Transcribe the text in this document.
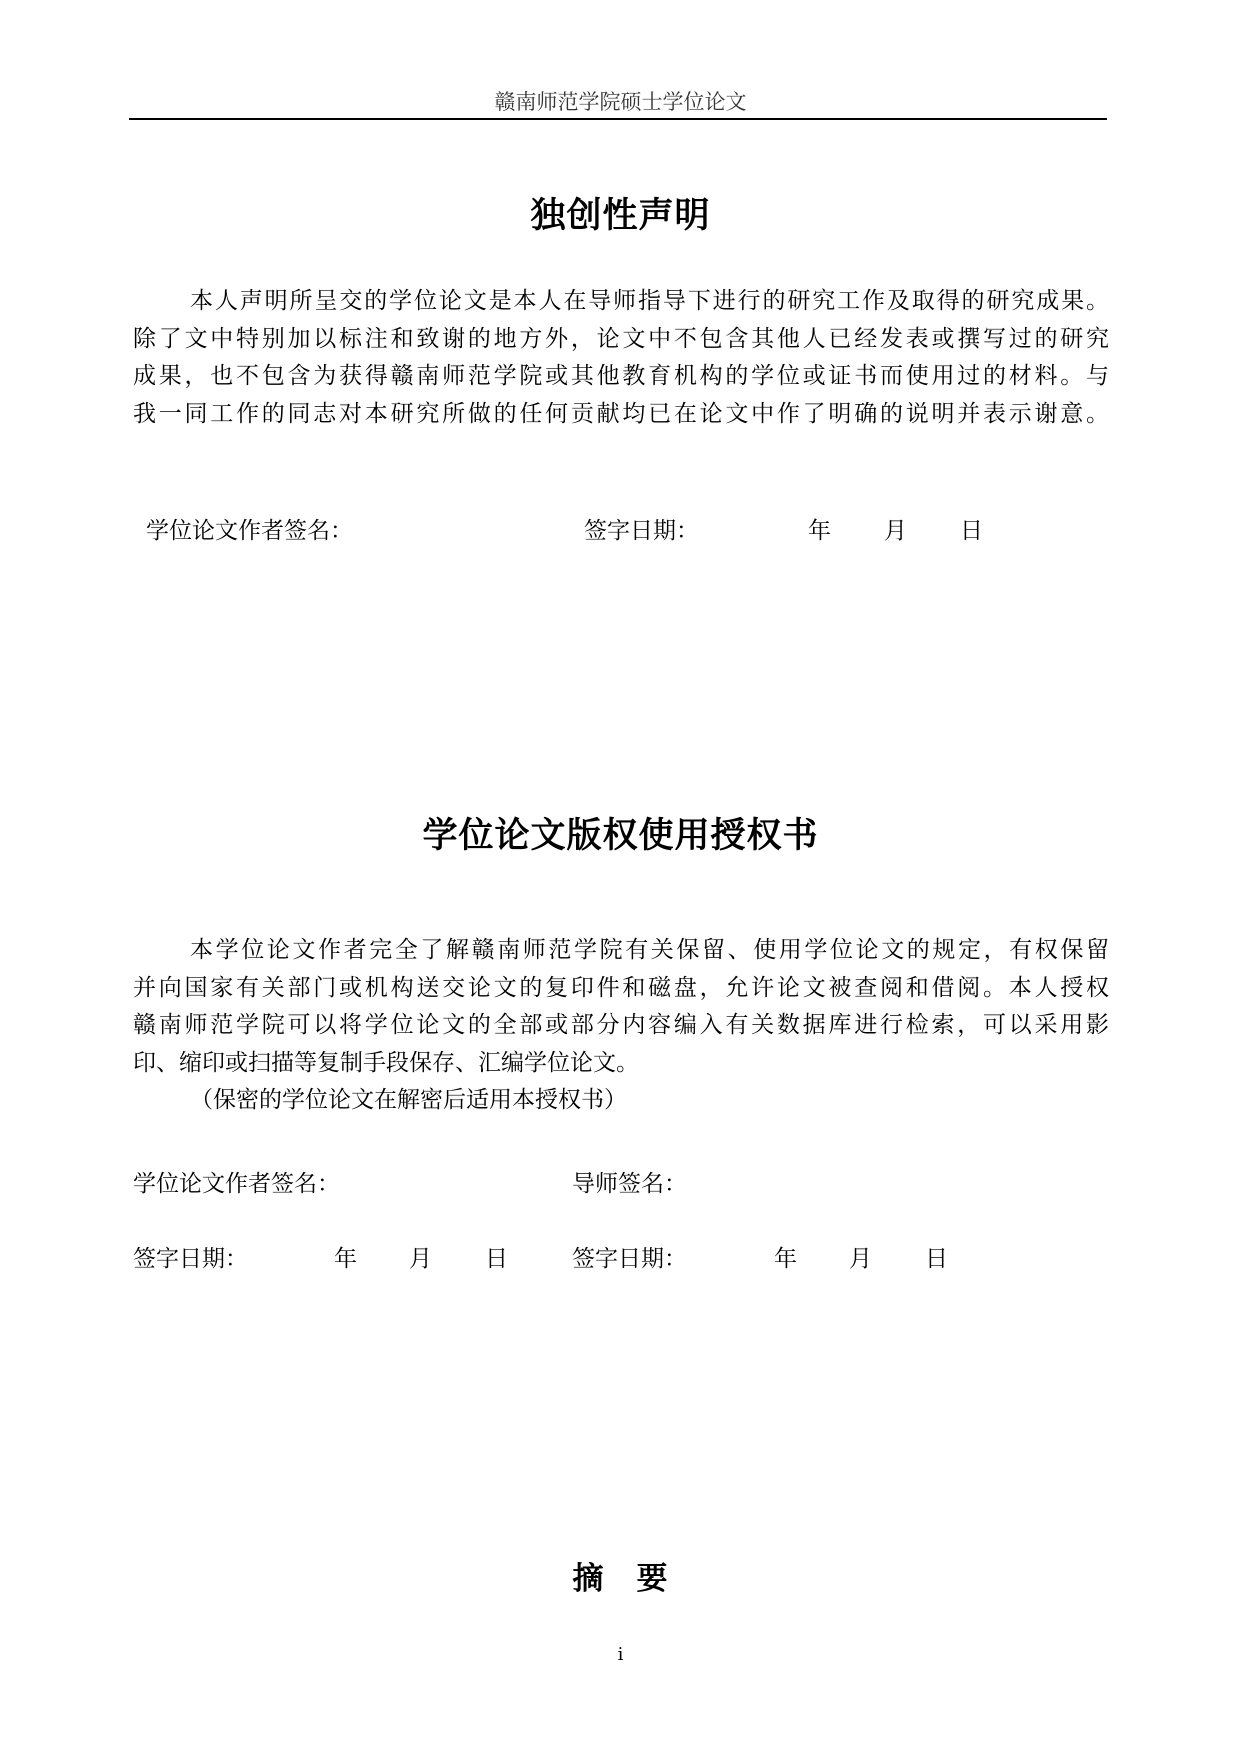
赣南师范学院硕士学位论文
独创性声明
本人声明所呈交的学位论文是本人在导师指导下进行的研究工作及取得的研究成果。
除了文中特别加以标注和致谢的地方外，论文中不包含其他人已经发表或撰写过的研究
成果，也不包含为获得赣南师范学院或其他教育机构的学位或证书而使用过的材料。与
我一同工作的同志对本研究所做的任何贡献均已在论文中作了明确的说明并表示谢意。
学位论文作者签名：	签字日期：	年 月 日
学位论文版权使用授权书
本学位论文作者完全了解赣南师范学院有关保留、使用学位论文的规定，有权保留
并向国家有关部门或机构送交论文的复印件和磁盘，允许论文被查阅和借阅。本人授权
赣南师范学院可以将学位论文的全部或部分内容编入有关数据库进行检索，可以采用影
印、缩印或扫描等复制手段保存、汇编学位论文。
（保密的学位论文在解密后适用本授权书）
学位论文作者签名：	导师签名：
签字日期：	年 月 日	签字日期：	年 月 日
摘　要
i
